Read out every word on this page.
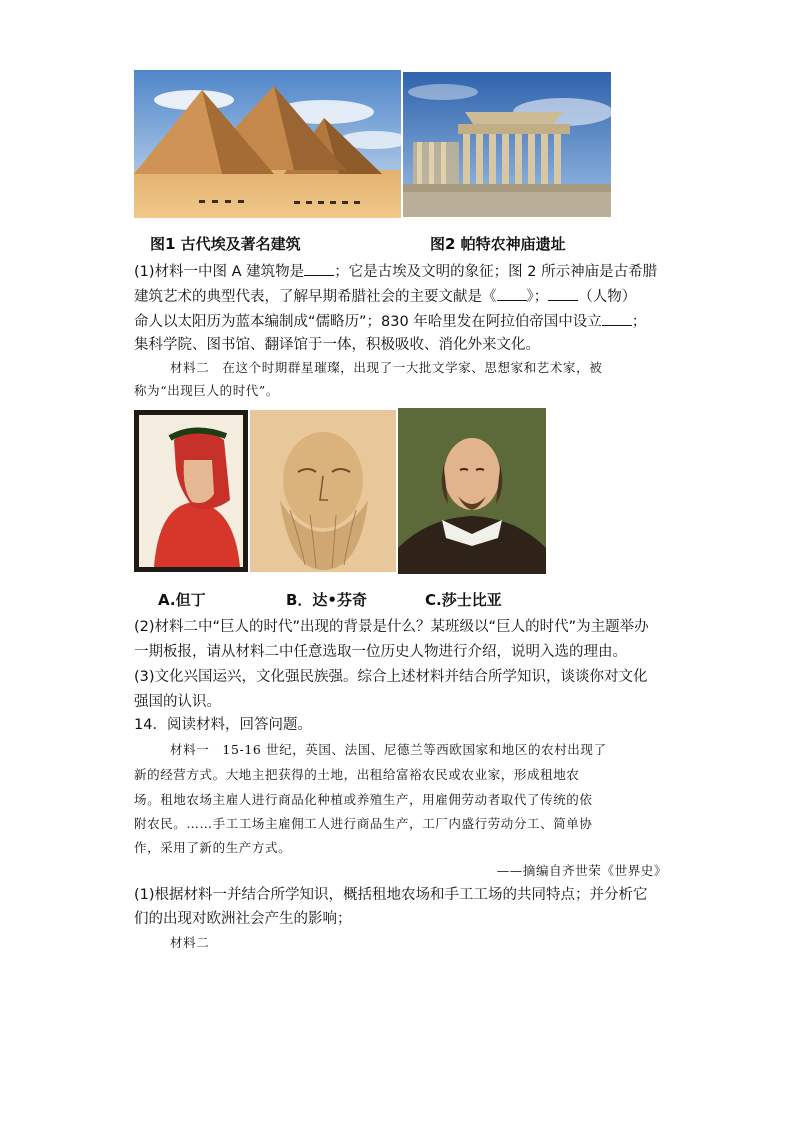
图1 古代埃及著名建筑	图2 帕特农神庙遗址
(1)材料一中图 A 建筑物是 ；它是古埃及文明的象征；图 2 所示神庙是古希腊
建筑艺术的典型代表，了解早期希腊社会的主要文献是《 》； （人物）
命人以太阳历为蓝本编制成“儒略历”；830 年哈里发在阿拉伯帝国中设立 ；
集科学院、图书馆、翻译馆于一体，积极吸收、消化外来文化。
材料二　在这个时期群星璀璨，出现了一大批文学家、思想家和艺术家，被
称为“出现巨人的时代”。
A.但丁	B．达•芬奇	C.莎士比亚
(2)材料二中“巨人的时代”出现的背景是什么？某班级以“巨人的时代”为主题举办
一期板报，请从材料二中任意选取一位历史人物进行介绍，说明入选的理由。
(3)文化兴国运兴，文化强民族强。综合上述材料并结合所学知识，谈谈你对文化
强国的认识。
14．阅读材料，回答问题。
材料一　15-16 世纪，英国、法国、尼德兰等西欧国家和地区的农村出现了
新的经营方式。大地主把获得的土地，出租给富裕农民或农业家，形成租地农
场。租地农场主雇人进行商品化种植或养殖生产，用雇佣劳动者取代了传统的依
附农民。……手工工场主雇佣工人进行商品生产，工厂内盛行劳动分工、简单协
作，采用了新的生产方式。
——摘编自齐世荣《世界史》
(1)根据材料一并结合所学知识，概括租地农场和手工工场的共同特点；并分析它
们的出现对欧洲社会产生的影响；
材料二
